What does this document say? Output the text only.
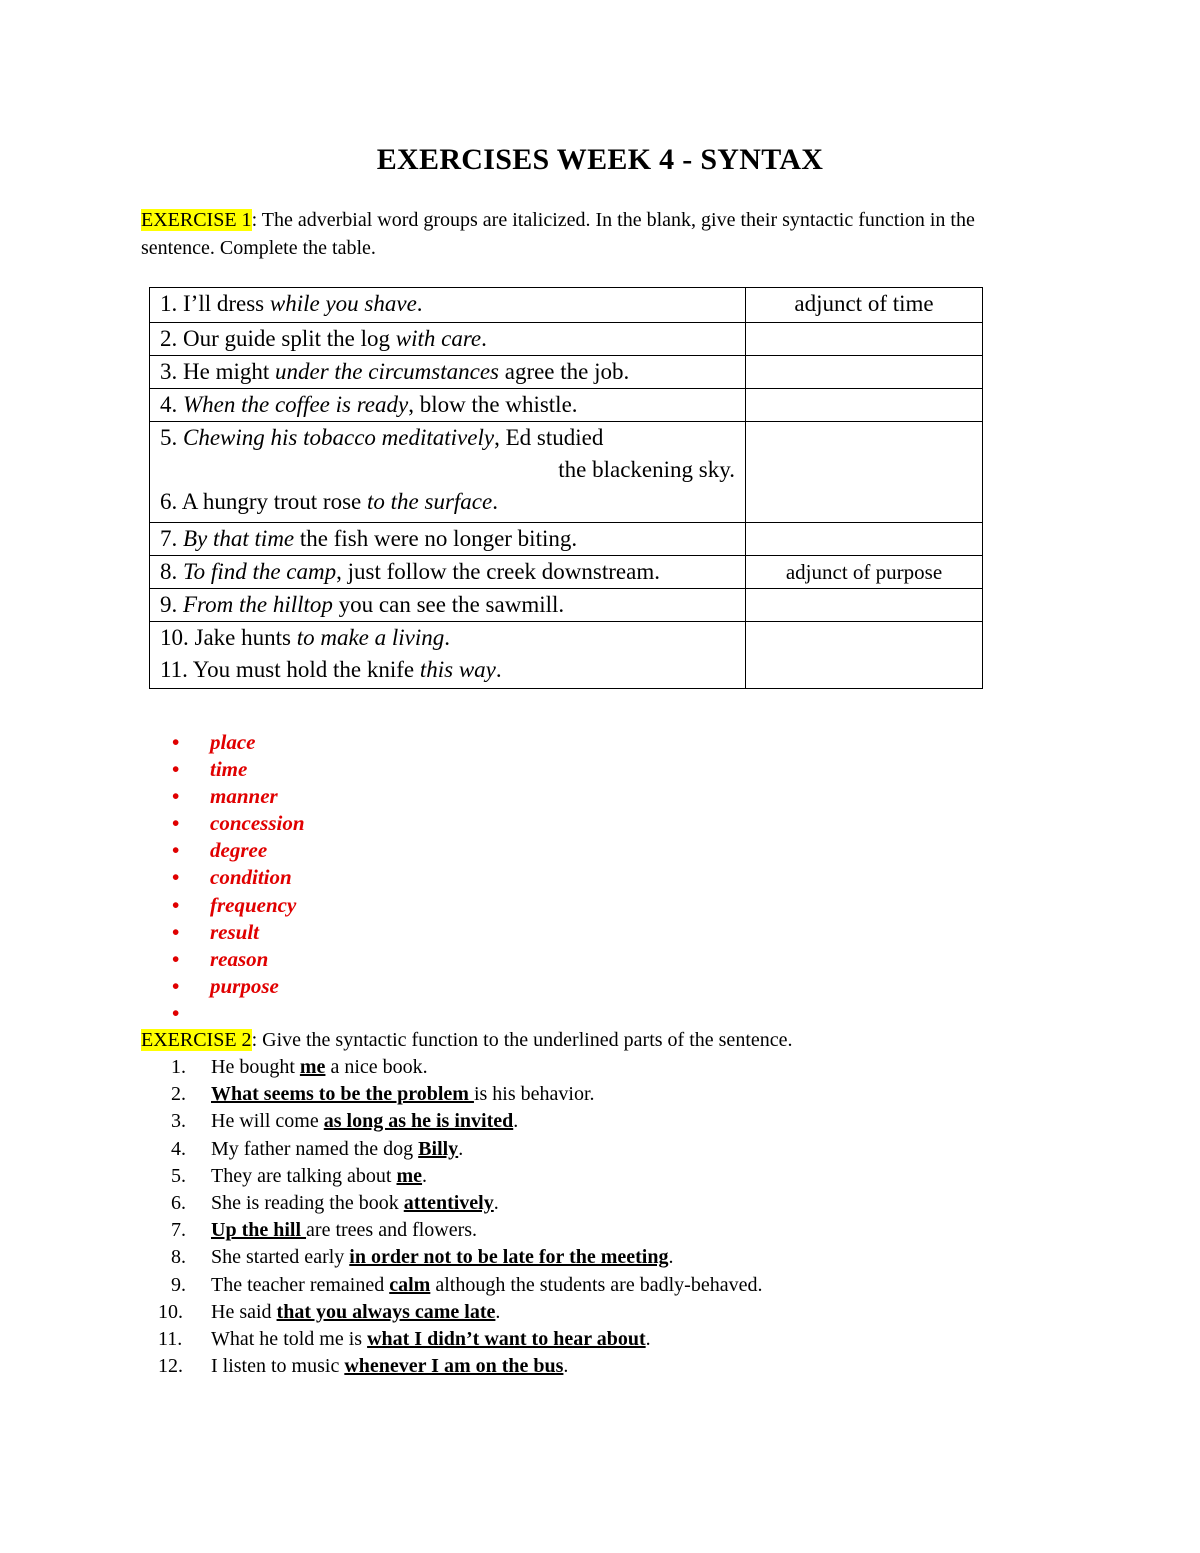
EXERCISES WEEK 4 - SYNTAX
EXERCISE 1: The adverbial word groups are italicized. In the blank, give their syntactic function in the sentence. Complete the table.
1. I’ll dress while you shave.	adjunct of time
2. Our guide split the log with care.	
3. He might under the circumstances agree the job.	
4. When the coffee is ready, blow the whistle.	

5. Chewing his tobacco meditatively, Ed studied
the blackening sky.
6. A hungry trout rose to the surface.	

7. By that time the fish were no longer biting.	
8. To find the camp, just follow the creek downstream.	adjunct of purpose
9. From the hilltop you can see the sawmill.	

10. Jake hunts to make a living.
11. You must hold the knife this way.	

• place
• time
• manner
• concession
• degree
• condition
• frequency
• result
• reason
• purpose
•
EXERCISE 2: Give the syntactic function to the underlined parts of the sentence.
1. He bought me a nice book.
2. What seems to be the problem is his behavior.
3. He will come as long as he is invited.
4. My father named the dog Billy.
5. They are talking about me.
6. She is reading the book attentively.
7. Up the hill are trees and flowers.
8. She started early in order not to be late for the meeting.
9. The teacher remained calm although the students are badly-behaved.
10. He said that you always came late.
11. What he told me is what I didn’t want to hear about.
12. I listen to music whenever I am on the bus.
